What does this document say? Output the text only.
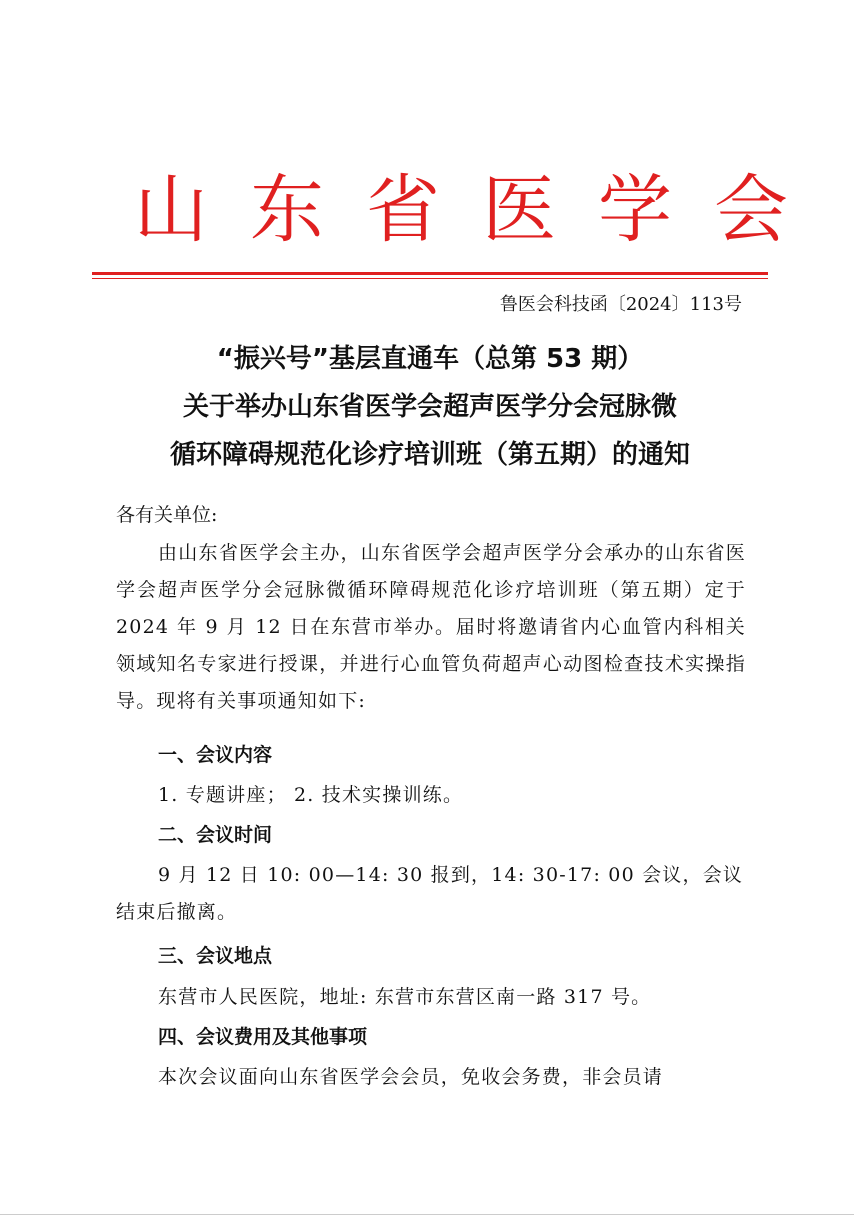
山东省医学会
鲁医会科技函〔2024〕113号
“振兴号”基层直通车（总第 53 期）
关于举办山东省医学会超声医学分会冠脉微
循环障碍规范化诊疗培训班（第五期）的通知
各有关单位:
由山东省医学会主办，山东省医学会超声医学分会承办的山东省医学会超声医学分会冠脉微循环障碍规范化诊疗培训班（第五期）定于 2024 年 9 月 12 日在东营市举办。届时将邀请省内心血管内科相关领域知名专家进行授课，并进行心血管负荷超声心动图检查技术实操指导。现将有关事项通知如下:
一、会议内容
1. 专题讲座； 2. 技术实操训练。
二、会议时间
9 月 12 日 10: 00—14: 30 报到，14: 30-17: 00 会议，会议结束后撤离。
三、会议地点
东营市人民医院，地址: 东营市东营区南一路 317 号。
四、会议费用及其他事项
本次会议面向山东省医学会会员，免收会务费，非会员请
